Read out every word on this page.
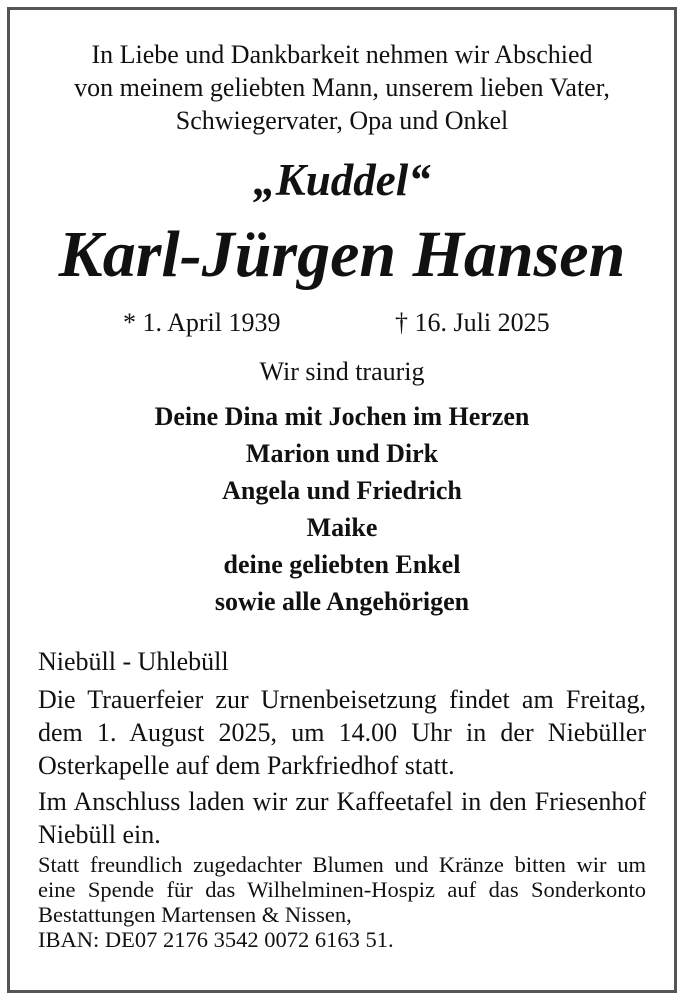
In Liebe und Dankbarkeit nehmen wir Abschied
von meinem geliebten Mann, unserem lieben Vater,
Schwiegervater, Opa und Onkel
„Kuddel“
Karl-Jürgen Hansen
* 1. April 1939	† 16. Juli 2025
Wir sind traurig
Deine Dina mit Jochen im Herzen
Marion und Dirk
Angela und Friedrich
Maike
deine geliebten Enkel
sowie alle Angehörigen
Niebüll - Uhlebüll
Die Trauerfeier zur Urnenbeisetzung findet am Freitag, dem 1. August 2025, um 14.00 Uhr in der Niebüller Osterkapelle auf dem Parkfriedhof statt.
Im Anschluss laden wir zur Kaffeetafel in den Friesenhof Niebüll ein.
Statt freundlich zugedachter Blumen und Kränze bitten wir um eine Spende für das Wilhelminen-Hospiz auf das Sonderkonto Bestattungen Martensen & Nissen,
IBAN: DE07 2176 3542 0072 6163 51.
